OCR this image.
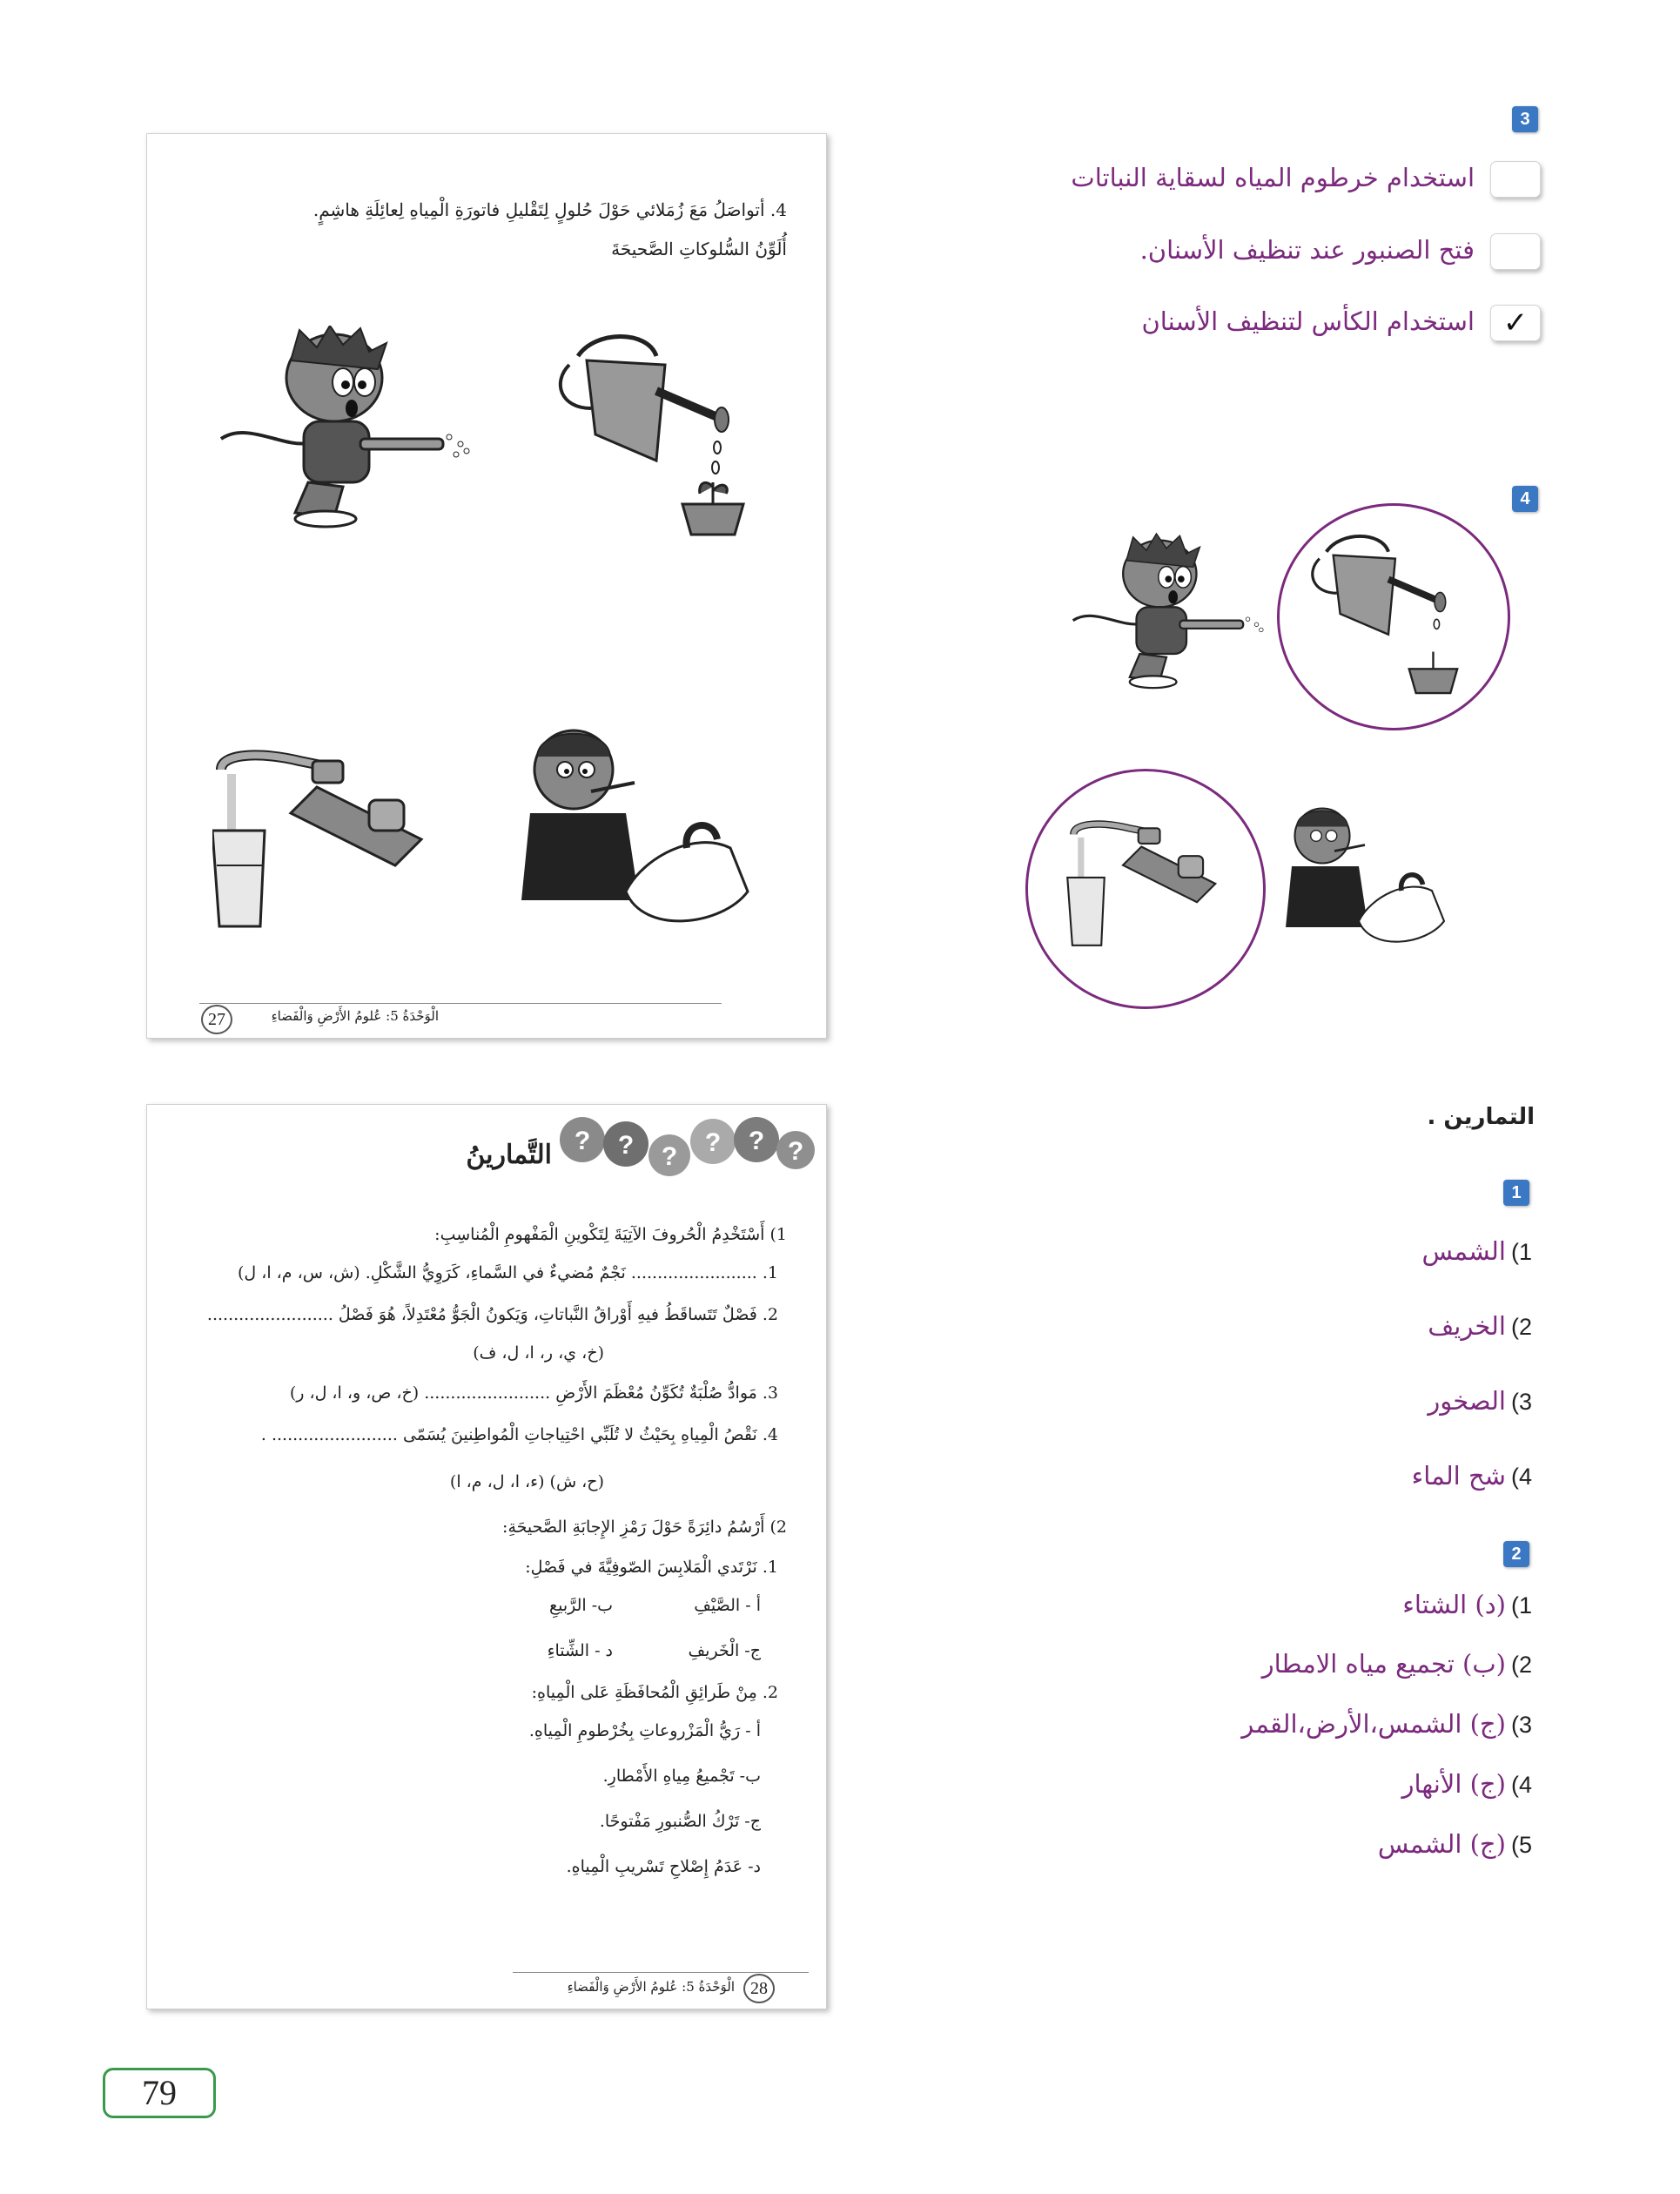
4. أتواصَلُ مَعَ زُمَلائي حَوْلَ حُلولٍ لِتَقْليلِ فاتورَةِ الْمِياهِ لِعائِلَةِ هاشِمٍ.
أُلَوِّنُ السُّلوكاتِ الصَّحيحَةَ
27	الْوَحْدَةُ 5: عُلومُ الأَرْضِ وَالْفَضاءِ
? ? ? ? ? ?
التَّمارينُ
1) أَسْتَخْدِمُ الْحُروفَ الآتِيَةَ لِتَكْوينِ الْمَفْهومِ الْمُناسِبِ:
1. ........................ نَجْمٌ مُضيءٌ في السَّماءِ، كَرَوِيُّ الشَّكْلِ. (ش، س، م، ا، ل)
2. فَصْلٌ تَتَساقَطُ فيهِ أَوْراقُ النَّباتاتِ، وَيَكونُ الْجَوُّ مُعْتَدِلاً، هُوَ فَصْلُ ........................
(خ، ي، ر، ا، ل، ف)
3. مَوادُّ صُلْبَةٌ تُكَوِّنُ مُعْظَمَ الأَرْضِ ........................ (خ، ص، و، ا، ل، ر)
4. نَقْصُ الْمِياهِ بِحَيْثُ لا تُلَبِّي احْتِياجاتِ الْمُواطِنينَ يُسَمّى ........................ .
(ح، ش) (ء، ا، ل، م، ا)
2) أَرْسُمُ دائِرَةً حَوْلَ رَمْزِ الإِجابَةِ الصَّحيحَةِ:
1. نَرْتَدي الْمَلابِسَ الصّوفِيَّةَ في فَصْلِ:
أ - الصَّيْفِ
ب- الرَّبيعِ
ج- الْخَريفِ
د - الشِّتاءِ
2. مِنْ طَرائِقِ الْمُحافَظَةِ عَلى الْمِياهِ:
أ - رَيُّ الْمَزْروعاتِ بِخُرْطومِ الْمِياهِ.
ب- تَجْميعُ مِياهِ الأَمْطارِ.
ج- تَرْكُ الصُّنبورِ مَفْتوحًا.
د- عَدَمُ إِصْلاحِ تَسْريبِ الْمِياهِ.
28
الْوَحْدَةُ 5: عُلومُ الأَرْضِ وَالْفَضاءِ
3
استخدام خرطوم المياه لسقاية النباتات
فتح الصنبور عند تنظيف الأسنان.
✓
استخدام الكأس لتنظيف الأسنان
4
التمارين .
1
1)الشمس
2)الخريف
3)الصخور
4)شح الماء
2
1)(د) الشتاء
2)(ب) تجميع مياه الامطار
3)(ج) الشمس،الأرض،القمر
4)(ج) الأنهار
5)(ج) الشمس
79
